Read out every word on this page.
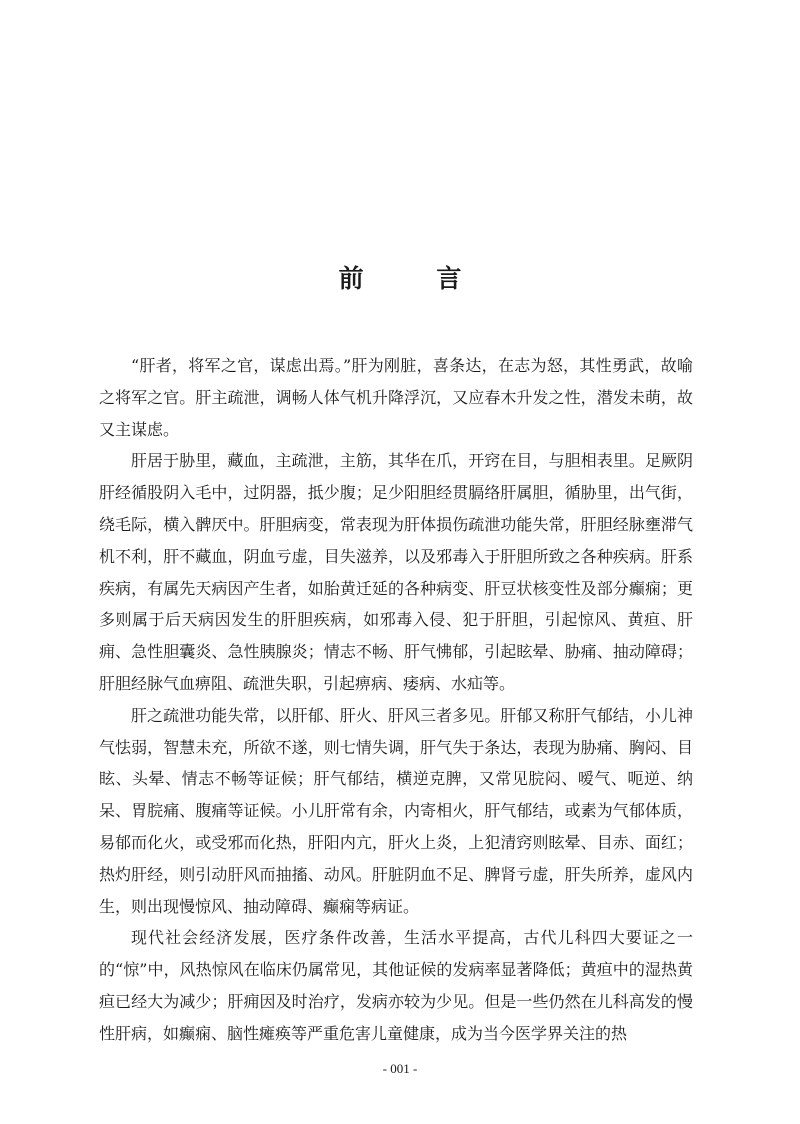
前 言

“肝者，将军之官，谋虑出焉。”肝为刚脏，喜条达，在志为怒，其性勇武，故喻之将军之官。肝主疏泄，调畅人体气机升降浮沉，又应春木升发之性，潜发未萌，故又主谋虑。

肝居于胁里，藏血，主疏泄，主筋，其华在爪，开窍在目，与胆相表里。足厥阴肝经循股阴入毛中，过阴器，抵少腹；足少阳胆经贯膈络肝属胆，循胁里，出气街，绕毛际，横入髀厌中。肝胆病变，常表现为肝体损伤疏泄功能失常，肝胆经脉壅滞气机不利，肝不藏血，阴血亏虚，目失滋养，以及邪毒入于肝胆所致之各种疾病。肝系疾病，有属先天病因产生者，如胎黄迁延的各种病变、肝豆状核变性及部分癫痫；更多则属于后天病因发生的肝胆疾病，如邪毒入侵、犯于肝胆，引起惊风、黄疸、肝痈、急性胆囊炎、急性胰腺炎；情志不畅、肝气怫郁，引起眩晕、胁痛、抽动障碍；肝胆经脉气血痹阻、疏泄失职，引起痹病、痿病、水疝等。

肝之疏泄功能失常，以肝郁、肝火、肝风三者多见。肝郁又称肝气郁结，小儿神气怯弱，智慧未充，所欲不遂，则七情失调，肝气失于条达，表现为胁痛、胸闷、目眩、头晕、情志不畅等证候；肝气郁结，横逆克脾，又常见脘闷、嗳气、呃逆、纳呆、胃脘痛、腹痛等证候。小儿肝常有余，内寄相火，肝气郁结，或素为气郁体质，易郁而化火，或受邪而化热，肝阳内亢，肝火上炎，上犯清窍则眩晕、目赤、面红；热灼肝经，则引动肝风而抽搐、动风。肝脏阴血不足、脾肾亏虚，肝失所养，虚风内生，则出现慢惊风、抽动障碍、癫痫等病证。

现代社会经济发展，医疗条件改善，生活水平提高，古代儿科四大要证之一的“惊”中，风热惊风在临床仍属常见，其他证候的发病率显著降低；黄疸中的湿热黄疸已经大为减少；肝痈因及时治疗，发病亦较为少见。但是一些仍然在儿科高发的慢性肝病，如癫痫、脑性瘫痪等严重危害儿童健康，成为当今医学界关注的热

- 001 -
